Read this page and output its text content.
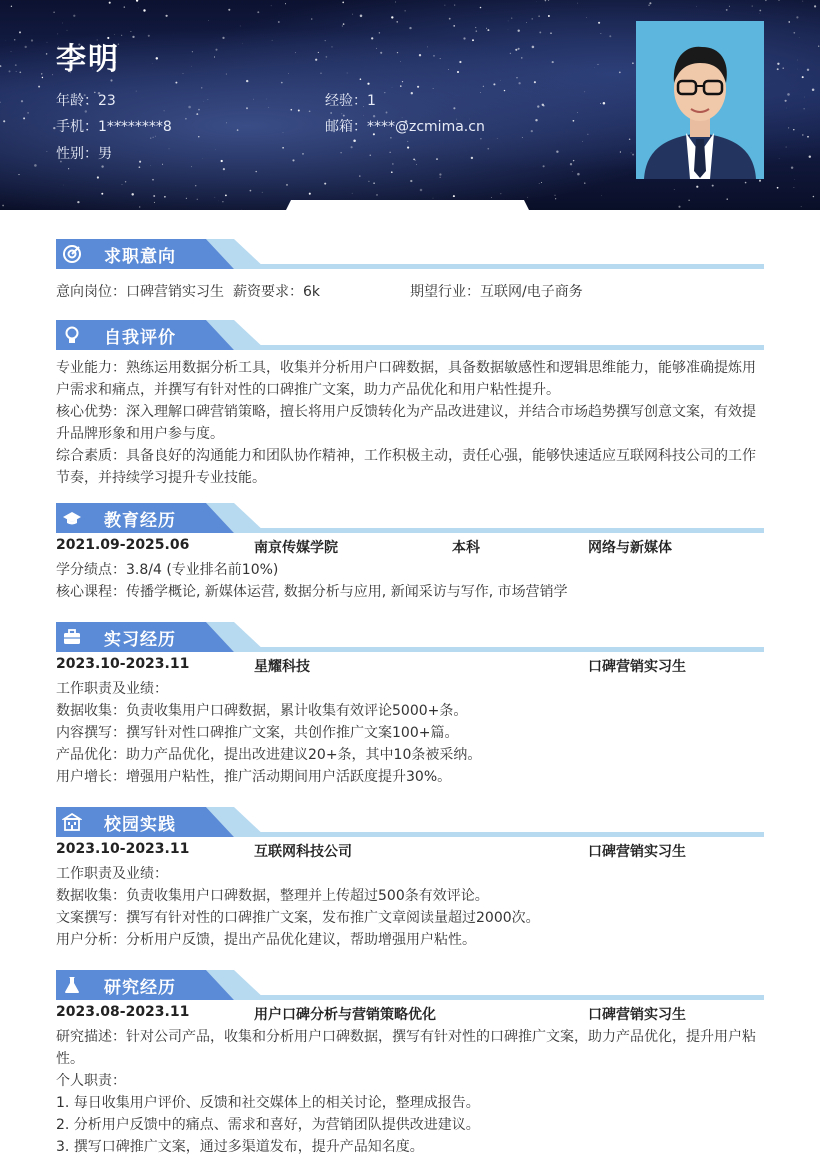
李明
年龄：23	经验：1
手机：1********8	邮箱：****@zcmima.cn
性别：男
求职意向
意向岗位：口碑营销实习生 薪资要求：6k	期望行业：互联网/电子商务
自我评价
专业能力：熟练运用数据分析工具，收集并分析用户口碑数据，具备数据敏感性和逻辑思维能力，能够准确提炼用户需求和痛点，并撰写有针对性的口碑推广文案，助力产品优化和用户粘性提升。
核心优势：深入理解口碑营销策略，擅长将用户反馈转化为产品改进建议，并结合市场趋势撰写创意文案，有效提升品牌形象和用户参与度。
综合素质：具备良好的沟通能力和团队协作精神，工作积极主动，责任心强，能够快速适应互联网科技公司的工作节奏，并持续学习提升专业技能。
教育经历
2021.09-2025.06	南京传媒学院	本科	网络与新媒体
学分绩点：3.8/4 (专业排名前10%)
核心课程：传播学概论, 新媒体运营, 数据分析与应用, 新闻采访与写作, 市场营销学
实习经历
2023.10-2023.11	星耀科技	口碑营销实习生
工作职责及业绩：
数据收集：负责收集用户口碑数据，累计收集有效评论5000+条。
内容撰写：撰写针对性口碑推广文案，共创作推广文案100+篇。
产品优化：助力产品优化，提出改进建议20+条，其中10条被采纳。
用户增长：增强用户粘性，推广活动期间用户活跃度提升30%。
校园实践
2023.10-2023.11	互联网科技公司	口碑营销实习生
工作职责及业绩：
数据收集：负责收集用户口碑数据，整理并上传超过500条有效评论。
文案撰写：撰写有针对性的口碑推广文案，发布推广文章阅读量超过2000次。
用户分析：分析用户反馈，提出产品优化建议，帮助增强用户粘性。
研究经历
2023.08-2023.11	用户口碑分析与营销策略优化	口碑营销实习生
研究描述：针对公司产品，收集和分析用户口碑数据，撰写有针对性的口碑推广文案，助力产品优化，提升用户粘性。
个人职责：
1. 每日收集用户评价、反馈和社交媒体上的相关讨论，整理成报告。
2. 分析用户反馈中的痛点、需求和喜好，为营销团队提供改进建议。
3. 撰写口碑推广文案，通过多渠道发布，提升产品知名度。
